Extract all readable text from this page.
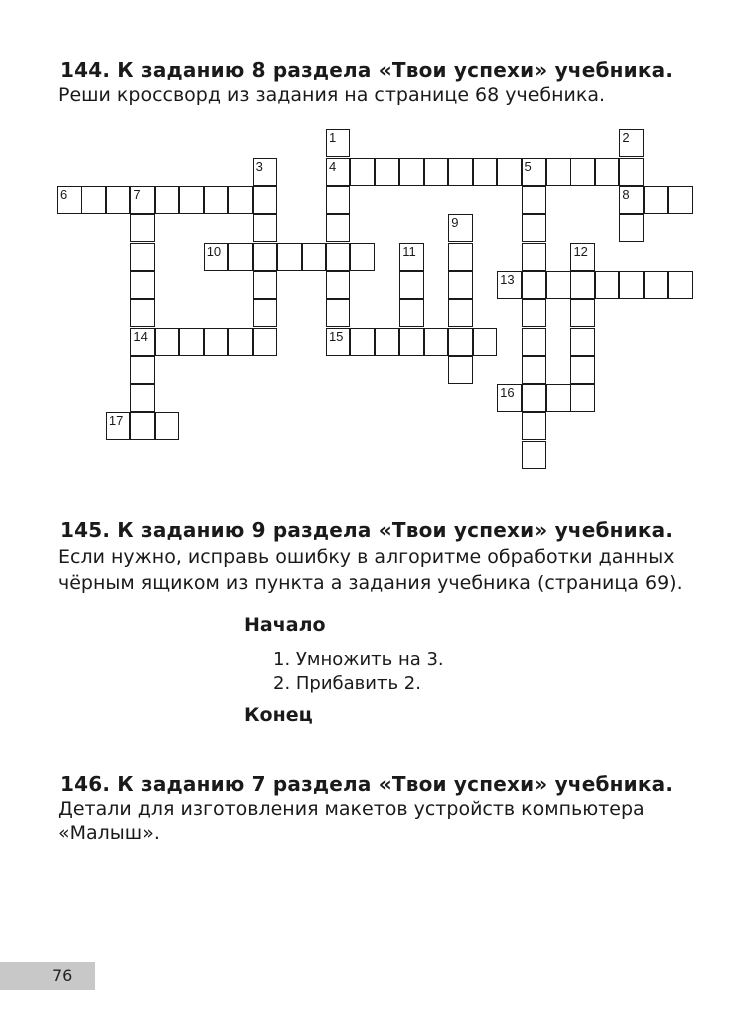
144. К заданию 8 раздела «Твои успехи» учебника.
Реши кроссворд из задания на странице 68 учебника.
1
4
15
2
8
3	5
6	7
14
9
10	11	12
13
16
17
145. К заданию 9 раздела «Твои успехи» учебника.
Если нужно, исправь ошибку в алгоритме обработки данных
чёрным ящиком из пункта а задания учебника (страница 69).
Начало
1. Умножить на 3.
2. Прибавить 2.
Конец
146. К заданию 7 раздела «Твои успехи» учебника.
Детали для изготовления макетов устройств компьютера
«Малыш».
76
